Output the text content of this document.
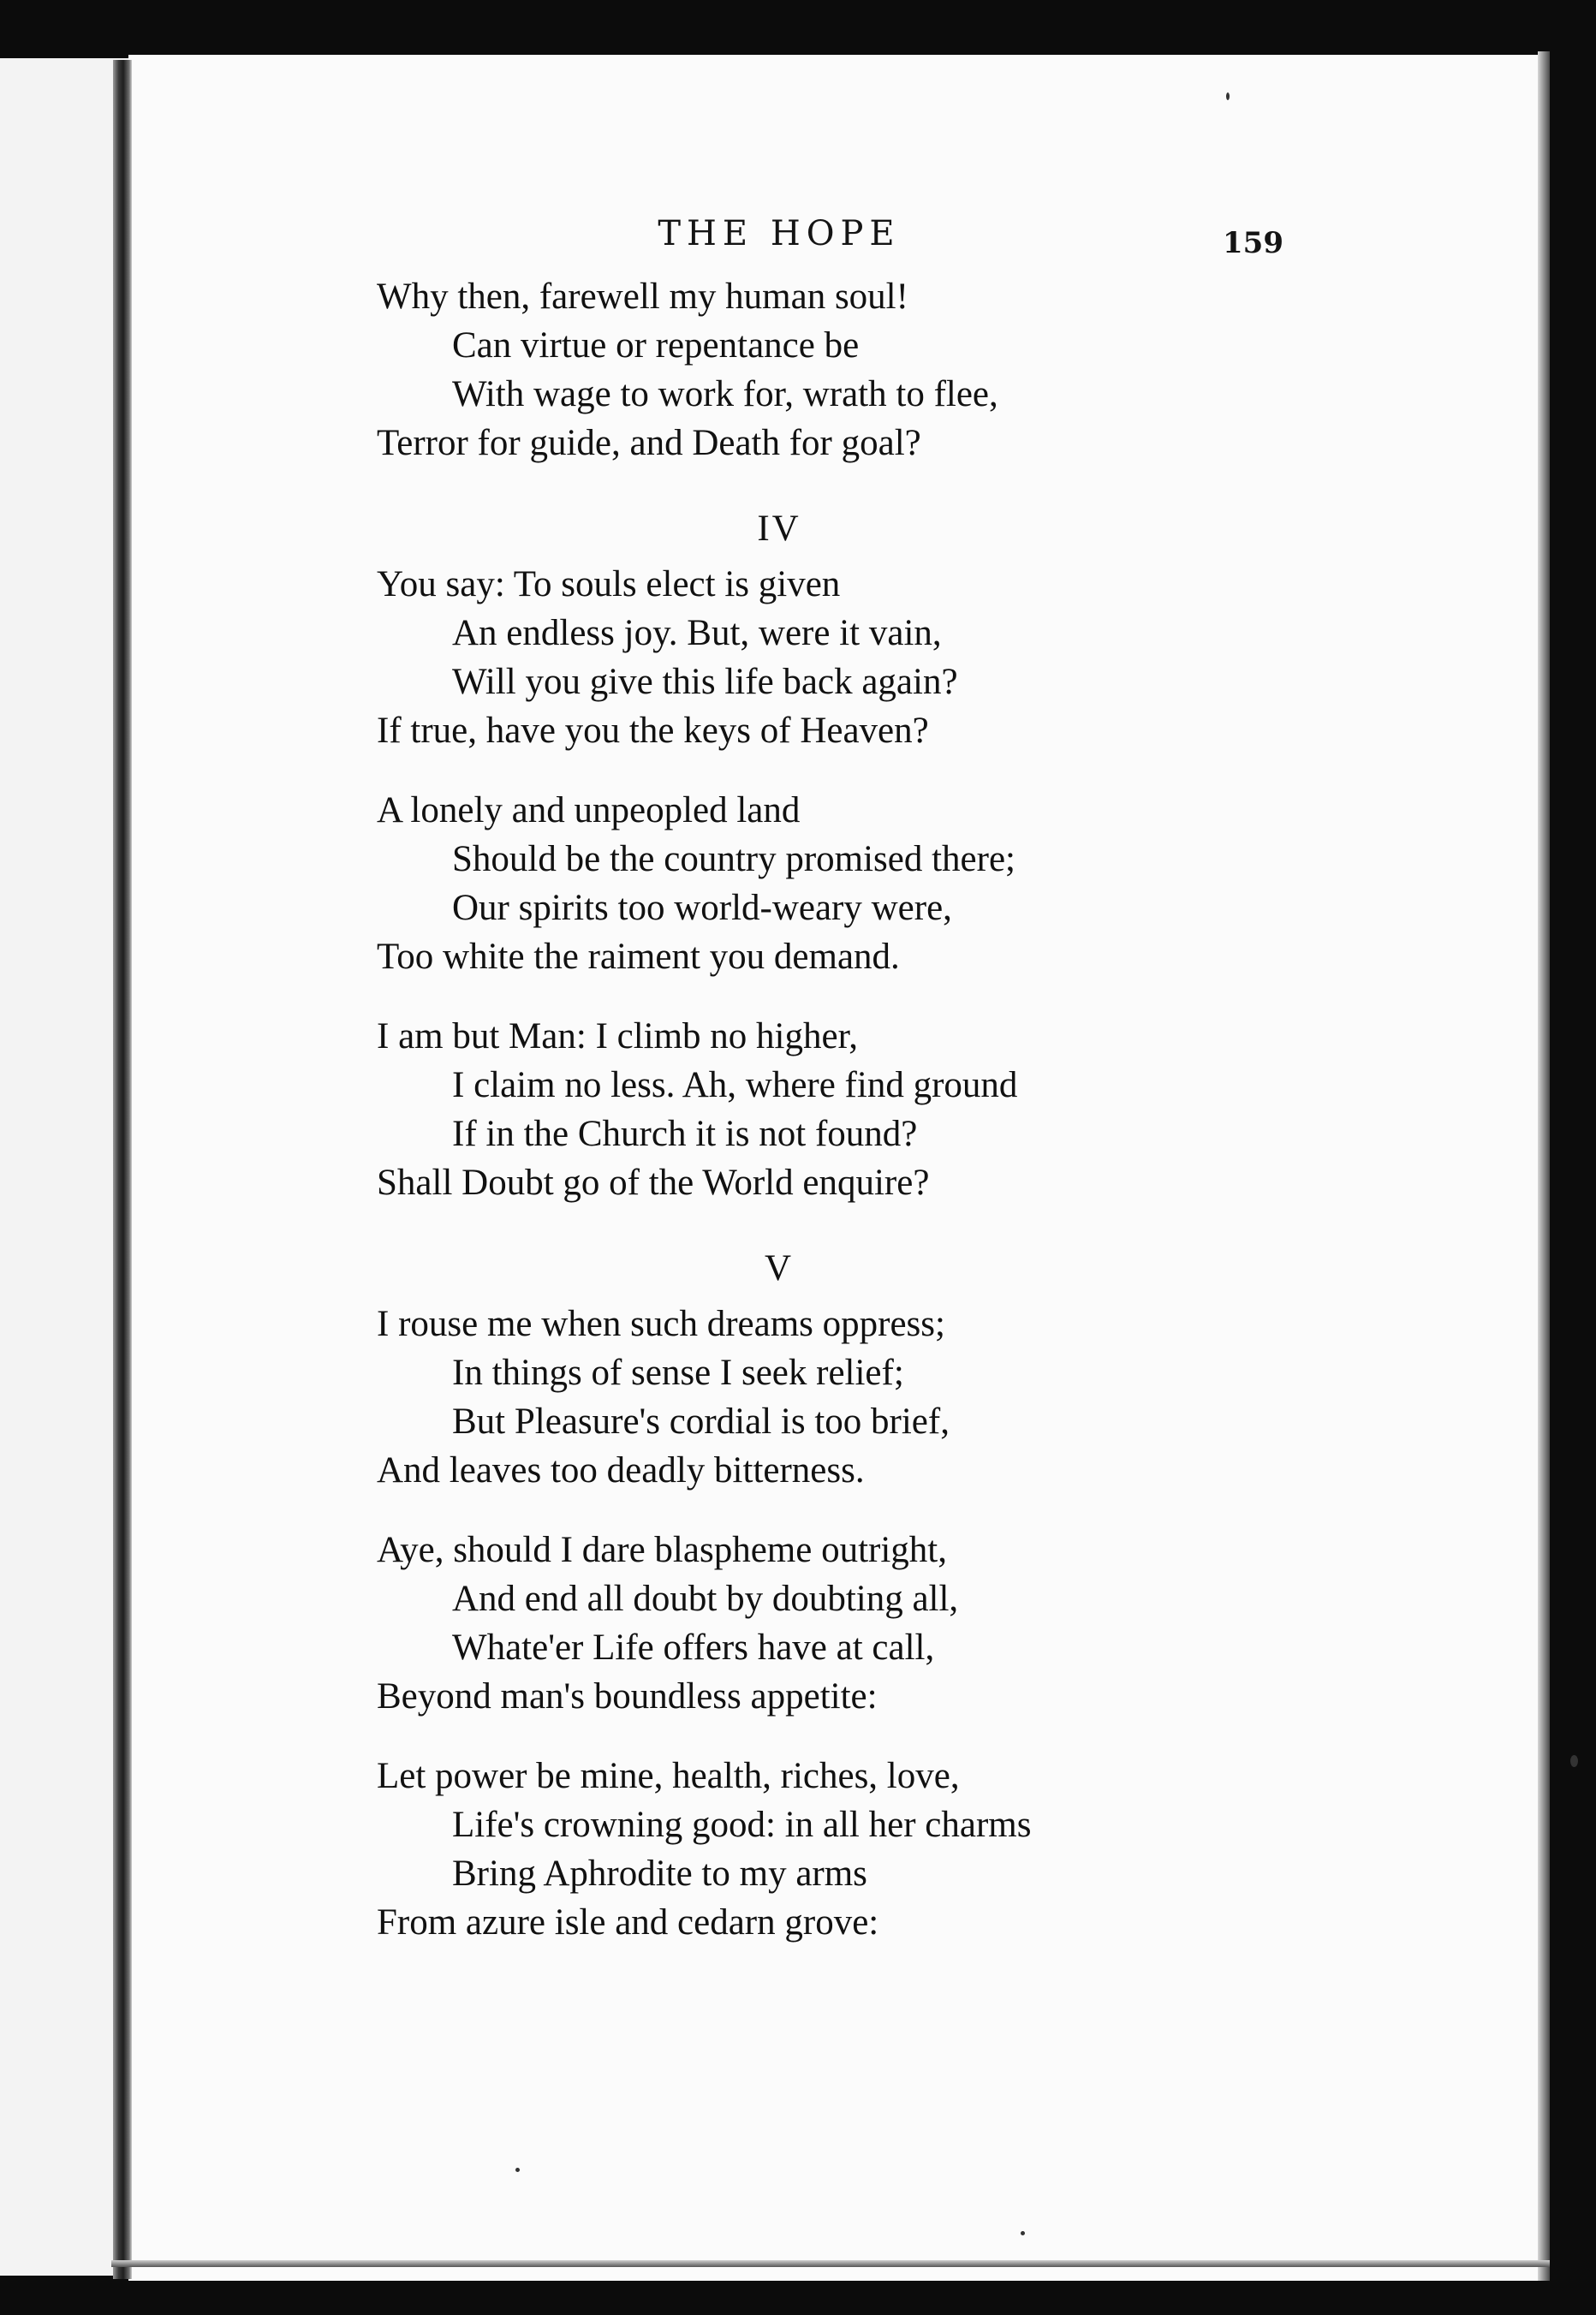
THE HOPE	159
Why then, farewell my human soul!
Can virtue or repentance be
With wage to work for, wrath to flee,
Terror for guide, and Death for goal?
IV
You say: To souls elect is given
An endless joy. But, were it vain,
Will you give this life back again?
If true, have you the keys of Heaven?
A lonely and unpeopled land
Should be the country promised there;
Our spirits too world-weary were,
Too white the raiment you demand.
I am but Man: I climb no higher,
I claim no less. Ah, where find ground
If in the Church it is not found?
Shall Doubt go of the World enquire?
V
I rouse me when such dreams oppress;
In things of sense I seek relief;
But Pleasure's cordial is too brief,
And leaves too deadly bitterness.
Aye, should I dare blaspheme outright,
And end all doubt by doubting all,
Whate'er Life offers have at call,
Beyond man's boundless appetite:
Let power be mine, health, riches, love,
Life's crowning good: in all her charms
Bring Aphrodite to my arms
From azure isle and cedarn grove:
